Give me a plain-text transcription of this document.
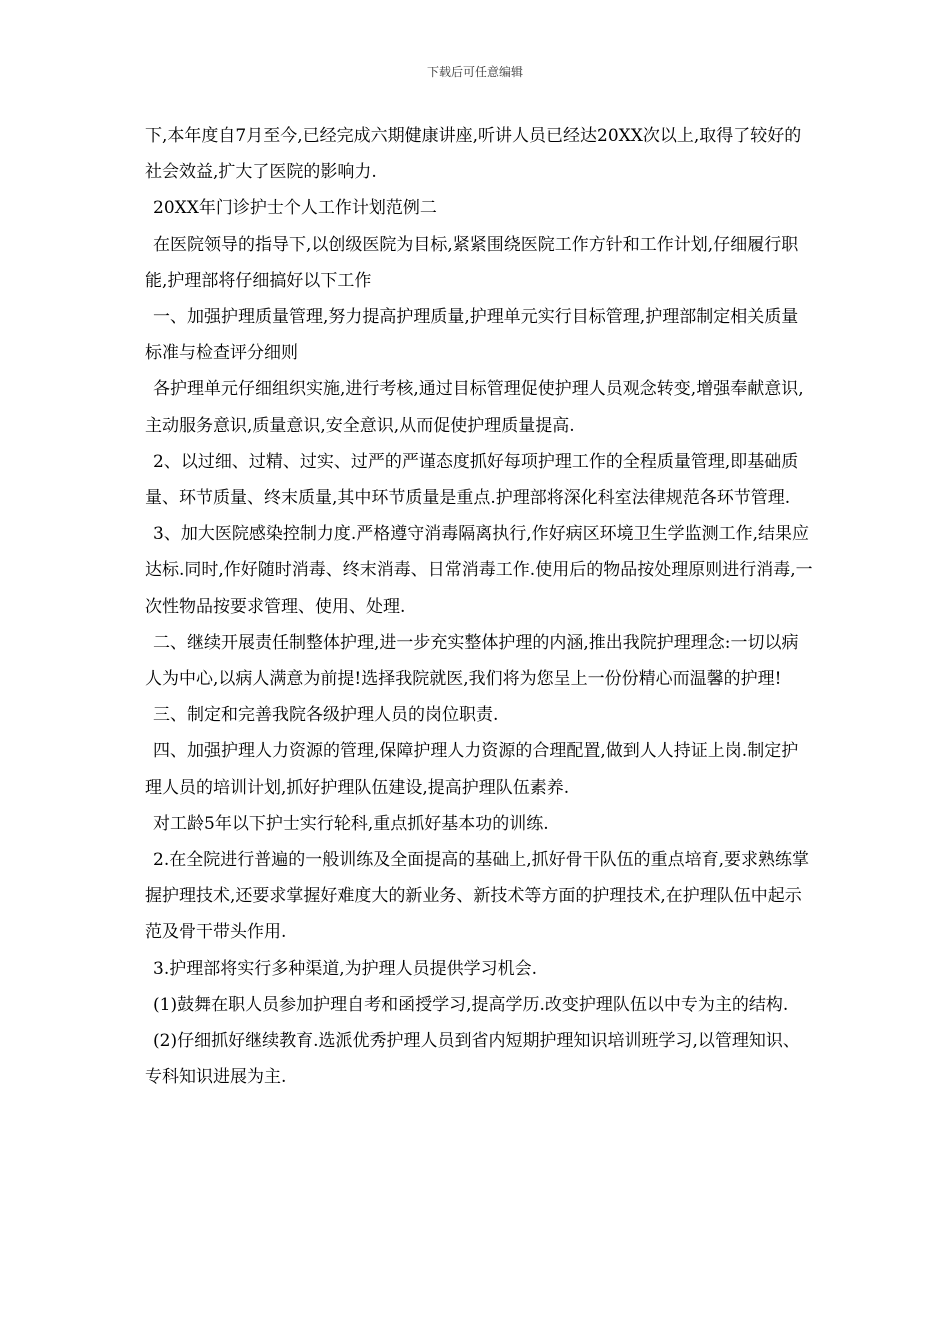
下载后可任意编辑

下,本年度自7月至今,已经完成六期健康讲座,听讲人员已经达20XX次以上,取得了较好的社会效益,扩大了医院的影响力.

20XX年门诊护士个人工作计划范例二

在医院领导的指导下,以创级医院为目标,紧紧围绕医院工作方针和工作计划,仔细履行职能,护理部将仔细搞好以下工作

一、加强护理质量管理,努力提高护理质量,护理单元实行目标管理,护理部制定相关质量标准与检查评分细则

各护理单元仔细组织实施,进行考核,通过目标管理促使护理人员观念转变,增强奉献意识,主动服务意识,质量意识,安全意识,从而促使护理质量提高.

2、以过细、过精、过实、过严的严谨态度抓好每项护理工作的全程质量管理,即基础质量、环节质量、终末质量,其中环节质量是重点.护理部将深化科室法律规范各环节管理.

3、加大医院感染控制力度.严格遵守消毒隔离执行,作好病区环境卫生学监测工作,结果应达标.同时,作好随时消毒、终末消毒、日常消毒工作.使用后的物品按处理原则进行消毒,一次性物品按要求管理、使用、处理.

二、继续开展责任制整体护理,进一步充实整体护理的内涵,推出我院护理理念:一切以病人为中心,以病人满意为前提!选择我院就医,我们将为您呈上一份份精心而温馨的护理!

三、制定和完善我院各级护理人员的岗位职责.

四、加强护理人力资源的管理,保障护理人力资源的合理配置,做到人人持证上岗.制定护理人员的培训计划,抓好护理队伍建设,提高护理队伍素养.

对工龄5年以下护士实行轮科,重点抓好基本功的训练.

2.在全院进行普遍的一般训练及全面提高的基础上,抓好骨干队伍的重点培育,要求熟练掌握护理技术,还要求掌握好难度大的新业务、新技术等方面的护理技术,在护理队伍中起示范及骨干带头作用.

3.护理部将实行多种渠道,为护理人员提供学习机会.

(1)鼓舞在职人员参加护理自考和函授学习,提高学历.改变护理队伍以中专为主的结构.

(2)仔细抓好继续教育.选派优秀护理人员到省内短期护理知识培训班学习,以管理知识、专科知识进展为主.
